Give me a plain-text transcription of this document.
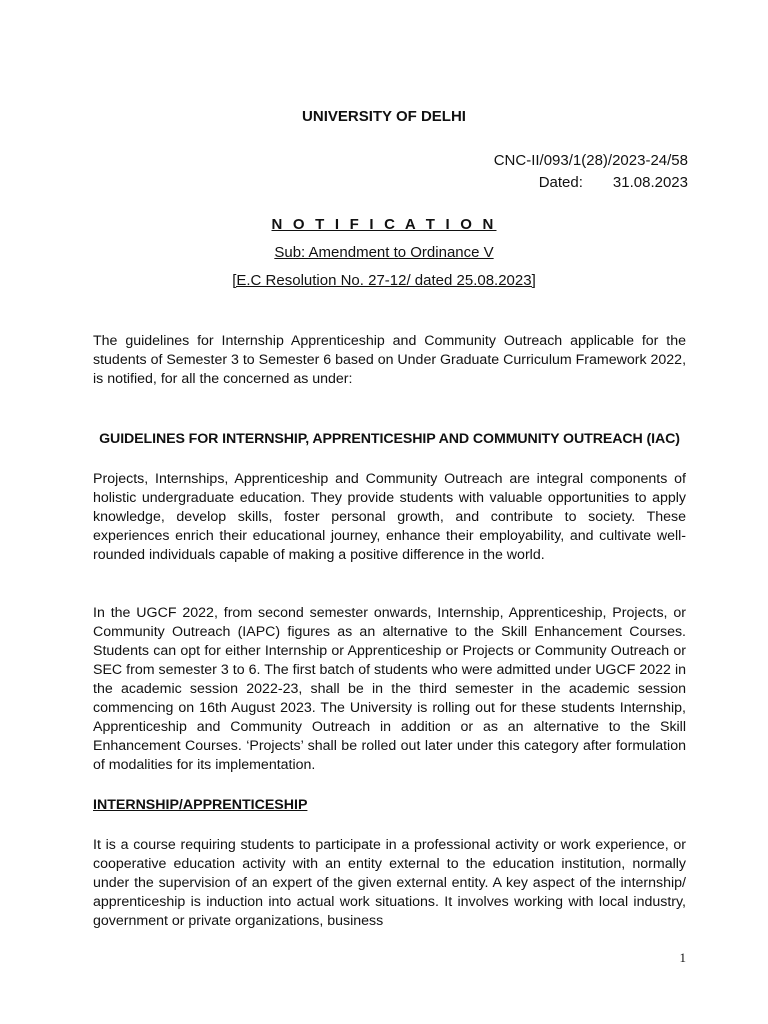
UNIVERSITY OF DELHI
CNC-II/093/1(28)/2023-24/58
Dated: 31.08.2023
N O T I F I C A T I O N
Sub: Amendment to Ordinance V
[E.C Resolution No. 27-12/ dated 25.08.2023]
The guidelines for Internship Apprenticeship and Community Outreach applicable for the students of Semester 3 to Semester 6 based on Under Graduate Curriculum Framework 2022, is notified, for all the concerned as under:
GUIDELINES FOR INTERNSHIP, APPRENTICESHIP AND COMMUNITY OUTREACH (IAC)
Projects, Internships, Apprenticeship and Community Outreach are integral components of holistic undergraduate education. They provide students with valuable opportunities to apply knowledge, develop skills, foster personal growth, and contribute to society. These experiences enrich their educational journey, enhance their employability, and cultivate well-rounded individuals capable of making a positive difference in the world.
In the UGCF 2022, from second semester onwards, Internship, Apprenticeship, Projects, or Community Outreach (IAPC) figures as an alternative to the Skill Enhancement Courses. Students can opt for either Internship or Apprenticeship or Projects or Community Outreach or SEC from semester 3 to 6. The first batch of students who were admitted under UGCF 2022 in the academic session 2022-23, shall be in the third semester in the academic session commencing on 16th August 2023. The University is rolling out for these students Internship, Apprenticeship and Community Outreach in addition or as an alternative to the Skill Enhancement Courses. ‘Projects’ shall be rolled out later under this category after formulation of modalities for its implementation.
INTERNSHIP/APPRENTICESHIP
It is a course requiring students to participate in a professional activity or work experience, or cooperative education activity with an entity external to the education institution, normally under the supervision of an expert of the given external entity. A key aspect of the internship/ apprenticeship is induction into actual work situations. It involves working with local industry, government or private organizations, business
1
